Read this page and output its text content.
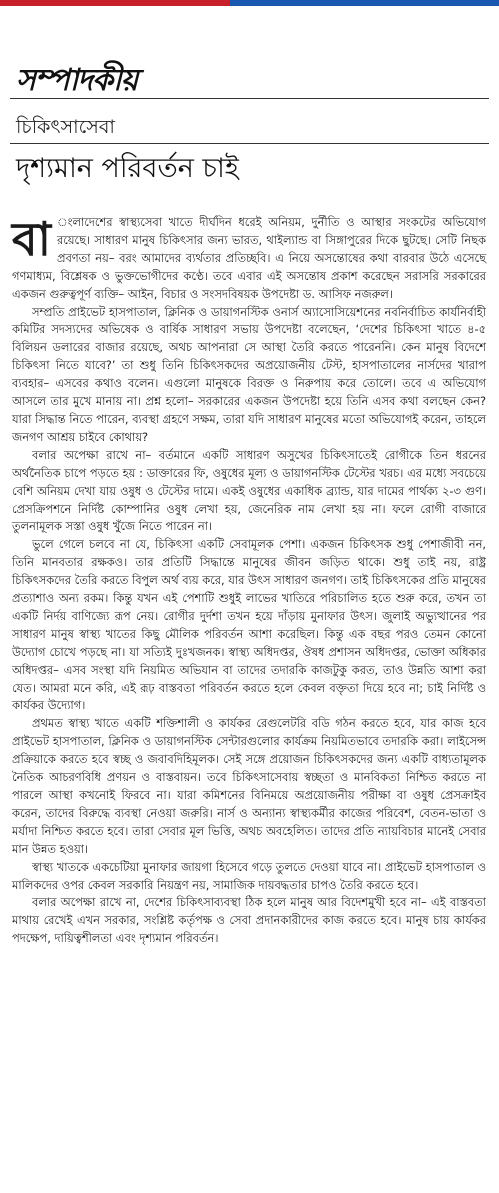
সম্পাদকীয়
চিকিৎসাসেবা
দৃশ্যমান পরিবর্তন চাই

বা ংলাদেশের স্বাস্থ্যসেবা খাতে দীর্ঘদিন ধরেই অনিয়ম, দুর্নীতি ও আস্থার সংকটের অভিযোগ রয়েছে। সাধারণ মানুষ চিকিৎসার জন্য ভারত, থাইল্যান্ড বা সিঙ্গাপুরের দিকে ছুটছে। সেটি নিছক প্রবণতা নয়– বরং আমাদের ব্যর্থতার প্রতিচ্ছবি। এ নিয়ে অসন্তোষের কথা বারবার উঠে এসেছে গণমাধ্যম, বিশ্লেষক ও ভুক্তভোগীদের কণ্ঠে। তবে এবার এই অসন্তোষ প্রকাশ করেছেন সরাসরি সরকারের একজন গুরুত্বপূর্ণ ব্যক্তি– আইন, বিচার ও সংসদবিষয়ক উপদেষ্টা ড. আসিফ নজরুল।

সম্প্রতি প্রাইভেট হাসপাতাল, ক্লিনিক ও ডায়াগনস্টিক ওনার্স অ্যাসোসিয়েশনের নবনির্বাচিত কার্যনির্বাহী কমিটির সদস্যদের অভিষেক ও বার্ষিক সাধারণ সভায় উপদেষ্টা বলেছেন, ‘দেশের চিকিৎসা খাতে ৪-৫ বিলিয়ন ডলারের বাজার রয়েছে, অথচ আপনারা সে আস্থা তৈরি করতে পারেননি। কেন মানুষ বিদেশে চিকিৎসা নিতে যাবে?’ তা শুধু তিনি চিকিৎসকদের অপ্রয়োজনীয় টেস্ট, হাসপাতালের নার্সদের খারাপ ব্যবহার– এসবের কথাও বলেন। এগুলো মানুষকে বিরক্ত ও নিরুপায় করে তোলে। তবে এ অভিযোগ আসলে তার মুখে মানায় না। প্রশ্ন হলো– সরকারের একজন উপদেষ্টা হয়ে তিনি এসব কথা বলছেন কেন? যারা সিদ্ধান্ত নিতে পারেন, ব্যবস্থা গ্রহণে সক্ষম, তারা যদি সাধারণ মানুষের মতো অভিযোগই করেন, তাহলে জনগণ আশ্রয় চাইবে কোথায়?

বলার অপেক্ষা রাখে না– বর্তমানে একটি সাধারণ অসুখের চিকিৎসাতেই রোগীকে তিন ধরনের অর্থনৈতিক চাপে পড়তে হয় : ডাক্তারের ফি, ওষুধের মূল্য ও ডায়াগনস্টিক টেস্টের খরচ। এর মধ্যে সবচেয়ে বেশি অনিয়ম দেখা যায় ওষুধ ও টেস্টের দামে। একই ওষুধের একাধিক ব্র্যান্ড, যার দামের পার্থক্য ২-৩ গুণ। প্রেসক্রিপশনে নির্দিষ্ট কোম্পানির ওষুধ লেখা হয়, জেনেরিক নাম লেখা হয় না। ফলে রোগী বাজারে তুলনামূলক সস্তা ওষুধ খুঁজে নিতে পারেন না।

ভুলে গেলে চলবে না যে, চিকিৎসা একটি সেবামূলক পেশা। একজন চিকিৎসক শুধু পেশাজীবী নন, তিনি মানবতার রক্ষকও। তার প্রতিটি সিদ্ধান্তে মানুষের জীবন জড়িত থাকে। শুধু তাই নয়, রাষ্ট্র চিকিৎসকদের তৈরি করতে বিপুল অর্থ ব্যয় করে, যার উৎস সাধারণ জনগণ। তাই চিকিৎসকের প্রতি মানুষের প্রত্যাশাও অন্য রকম। কিন্তু যখন এই পেশাটি শুধুই লাভের খাতিরে পরিচালিত হতে শুরু করে, তখন তা একটি নির্দয় বাণিজ্যে রূপ নেয়। রোগীর দুর্দশা তখন হয়ে দাঁড়ায় মুনাফার উৎস। জুলাই অভ্যুত্থানের পর সাধারণ মানুষ স্বাস্থ্য খাতের কিছু মৌলিক পরিবর্তন আশা করেছিল। কিন্তু এক বছর পরও তেমন কোনো উদ্যোগ চোখে পড়ছে না। যা সত্যিই দুঃখজনক। স্বাস্থ্য অধিদপ্তর, ঔষধ প্রশাসন অধিদপ্তর, ভোক্তা অধিকার অধিদপ্তর– এসব সংস্থা যদি নিয়মিত অভিযান বা তাদের তদারকি কাজটুকু করত, তাও উন্নতি আশা করা যেত। আমরা মনে করি, এই রূঢ় বাস্তবতা পরিবর্তন করতে হলে কেবল বক্তৃতা দিয়ে হবে না; চাই নির্দিষ্ট ও কার্যকর উদ্যোগ।

প্রথমত স্বাস্থ্য খাতে একটি শক্তিশালী ও কার্যকর রেগুলেটরি বডি গঠন করতে হবে, যার কাজ হবে প্রাইভেট হাসপাতাল, ক্লিনিক ও ডায়াগনস্টিক সেন্টারগুলোর কার্যক্রম নিয়মিতভাবে তদারকি করা। লাইসেন্স প্রক্রিয়াকে করতে হবে স্বচ্ছ ও জবাবদিহিমূলক। সেই সঙ্গে প্রয়োজন চিকিৎসকদের জন্য একটি বাধ্যতামূলক নৈতিক আচরণবিধি প্রণয়ন ও বাস্তবায়ন। তবে চিকিৎসাসেবায় স্বচ্ছতা ও মানবিকতা নিশ্চিত করতে না পারলে আস্থা কখনোই ফিরবে না। যারা কমিশনের বিনিময়ে অপ্রয়োজনীয় পরীক্ষা বা ওষুধ প্রেসক্রাইব করেন, তাদের বিরুদ্ধে ব্যবস্থা নেওয়া জরুরি। নার্স ও অন্যান্য স্বাস্থ্যকর্মীর কাজের পরিবেশ, বেতন-ভাতা ও মর্যাদা নিশ্চিত করতে হবে। তারা সেবার মূল ভিত্তি, অথচ অবহেলিত। তাদের প্রতি ন্যায়বিচার মানেই সেবার মান উন্নত হওয়া।

স্বাস্থ্য খাতকে একচেটিয়া মুনাফার জায়গা হিসেবে গড়ে তুলতে দেওয়া যাবে না। প্রাইভেট হাসপাতাল ও মালিকদের ওপর কেবল সরকারি নিয়ন্ত্রণ নয়, সামাজিক দায়বদ্ধতার চাপও তৈরি করতে হবে।

বলার অপেক্ষা রাখে না, দেশের চিকিৎসাব্যবস্থা ঠিক হলে মানুষ আর বিদেশমুখী হবে না– এই বাস্তবতা মাথায় রেখেই এখন সরকার, সংশ্লিষ্ট কর্তৃপক্ষ ও সেবা প্রদানকারীদের কাজ করতে হবে। মানুষ চায় কার্যকর পদক্ষেপ, দায়িত্বশীলতা এবং দৃশ্যমান পরিবর্তন।
